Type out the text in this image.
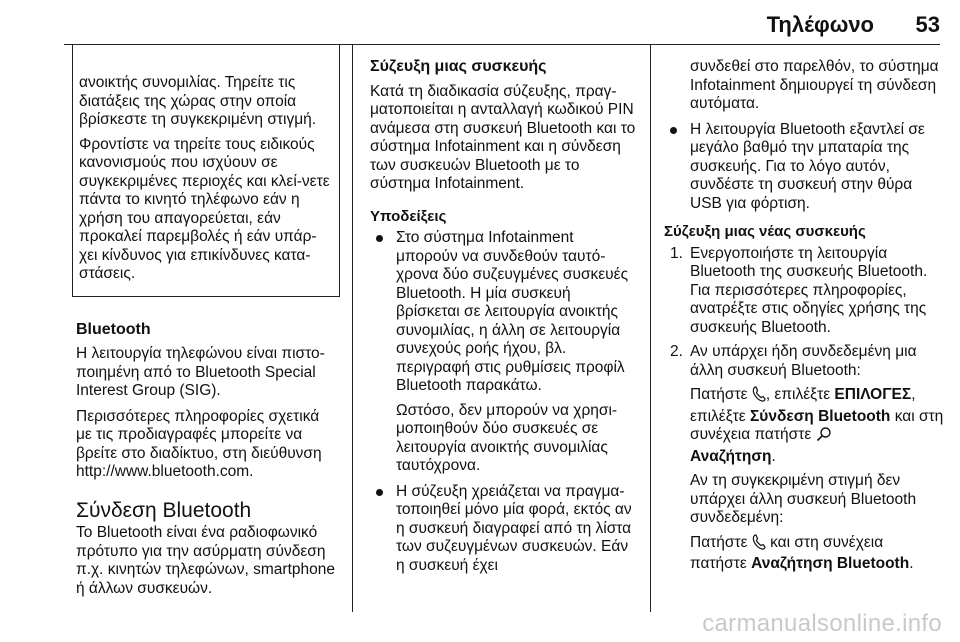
Τηλέφωνο 53

ανοικτής συνομιλίας. Τηρείτε τις διατάξεις της χώρας στην οποία βρίσκεστε τη συγκεκριμένη στιγμή.

Φροντίστε να τηρείτε τους ειδικούς κανονισμούς που ισχύουν σε συγκεκριμένες περιοχές και κλεί-νετε πάντα το κινητό τηλέφωνο εάν η χρήση του απαγορεύεται, εάν προκαλεί παρεμβολές ή εάν υπάρ-χει κίνδυνος για επικίνδυνες κατα-στάσεις.

Bluetooth

Η λειτουργία τηλεφώνου είναι πιστο-ποιημένη από το Bluetooth Special Interest Group (SIG).

Περισσότερες πληροφορίες σχετικά με τις προδιαγραφές μπορείτε να βρείτε στο διαδίκτυο, στη διεύθυνση http://www.bluetooth.com.

Σύνδεση Bluetooth

Το Bluetooth είναι ένα ραδιοφωνικό πρότυπο για την ασύρματη σύνδεση π.χ. κινητών τηλεφώνων, smartphone ή άλλων συσκευών.

Σύζευξη μιας συσκευής

Κατά τη διαδικασία σύζευξης, πραγ-ματοποιείται η ανταλλαγή κωδικού PIN ανάμεσα στη συσκευή Bluetooth και το σύστημα Infotainment και η σύνδεση των συσκευών Bluetooth με το σύστημα Infotainment.

Υποδείξεις

Στο σύστημα Infotainment μπορούν να συνδεθούν ταυτό-χρονα δύο συζευγμένες συσκευές Bluetooth. Η μία συσκευή βρίσκεται σε λειτουργία ανοικτής συνομιλίας, η άλλη σε λειτουργία συνεχούς ροής ήχου, βλ. περιγραφή στις ρυθμίσεις προφίλ Bluetooth παρακάτω.

Ωστόσο, δεν μπορούν να χρησι-μοποιηθούν δύο συσκευές σε λειτουργία ανοικτής συνομιλίας ταυτόχρονα.

Η σύζευξη χρειάζεται να πραγμα-τοποιηθεί μόνο μία φορά, εκτός αν η συσκευή διαγραφεί από τη λίστα των συζευγμένων συσκευών. Εάν η συσκευή έχει

συνδεθεί στο παρελθόν, το σύστημα Infotainment δημιουργεί τη σύνδεση αυτόματα.

Η λειτουργία Bluetooth εξαντλεί σε μεγάλο βαθμό την μπαταρία της συσκευής. Για το λόγο αυτόν, συνδέστε τη συσκευή στην θύρα USB για φόρτιση.

Σύζευξη μιας νέας συσκευής
1. Ενεργοποιήστε τη λειτουργία Bluetooth της συσκευής Bluetooth. Για περισσότερες πληροφορίες, ανατρέξτε στις οδηγίες χρήσης της συσκευής Bluetooth.

2. Αν υπάρχει ήδη συνδεδεμένη μια άλλη συσκευή Bluetooth:

Πατήστε , επιλέξτε ΕΠΙΛΟΓΕΣ, επιλέξτε Σύνδεση Bluetooth και στη συνέχεια πατήστε
Αναζήτηση.

Αν τη συγκεκριμένη στιγμή δεν υπάρχει άλλη συσκευή Bluetooth συνδεδεμένη:

Πατήστε και στη συνέχεια πατήστε Αναζήτηση Bluetooth.

carmanualsonline.info
